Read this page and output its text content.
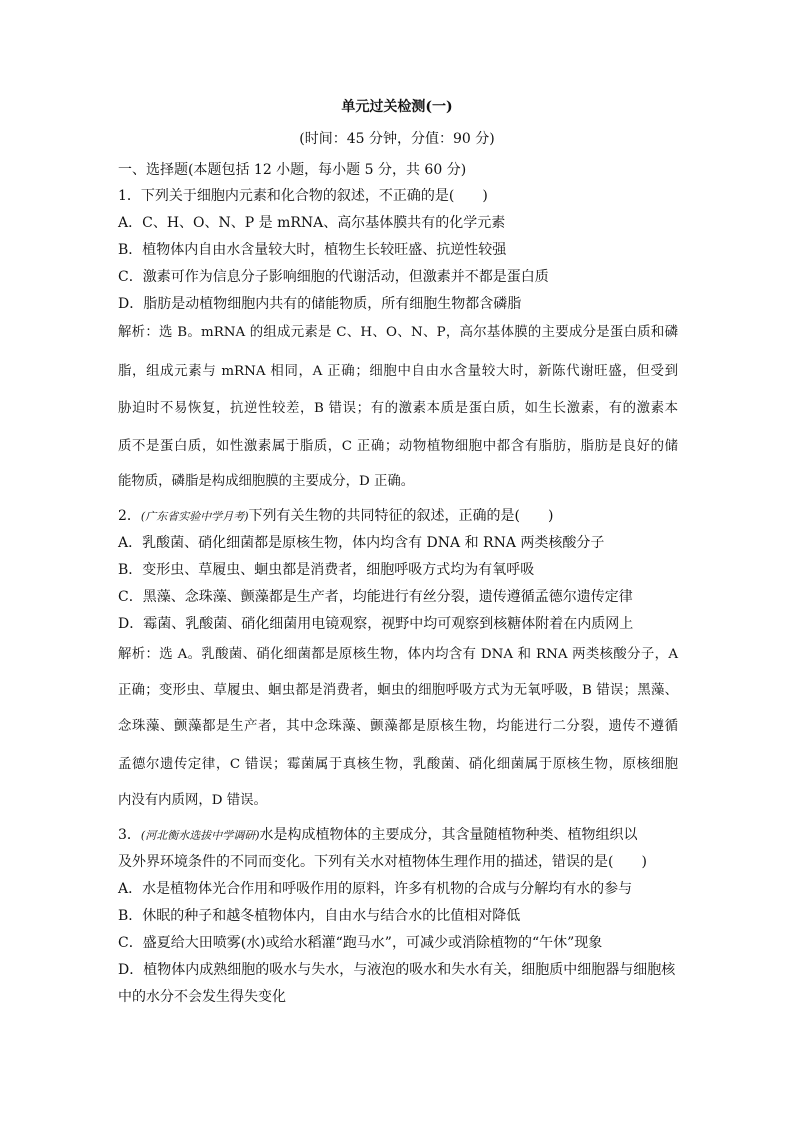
单元过关检测(一)
(时间：45 分钟，分值：90 分)
一、选择题(本题包括 12 小题，每小题 5 分，共 60 分)
1．下列关于细胞内元素和化合物的叙述，不正确的是(　　)
A．C、H、O、N、P 是 mRNA、高尔基体膜共有的化学元素
B．植物体内自由水含量较大时，植物生长较旺盛、抗逆性较强
C．激素可作为信息分子影响细胞的代谢活动，但激素并不都是蛋白质
D．脂肪是动植物细胞内共有的储能物质，所有细胞生物都含磷脂
解析：选 B。mRNA 的组成元素是 C、H、O、N、P，高尔基体膜的主要成分是蛋白质和磷
脂，组成元素与 mRNA 相同，A 正确；细胞中自由水含量较大时，新陈代谢旺盛，但受到
胁迫时不易恢复，抗逆性较差，B 错误；有的激素本质是蛋白质，如生长激素，有的激素本
质不是蛋白质，如性激素属于脂质，C 正确；动物植物细胞中都含有脂肪，脂肪是良好的储
能物质，磷脂是构成细胞膜的主要成分，D 正确。
2．(广东省实验中学月考)下列有关生物的共同特征的叙述，正确的是(　　)
A．乳酸菌、硝化细菌都是原核生物，体内均含有 DNA 和 RNA 两类核酸分子
B．变形虫、草履虫、蛔虫都是消费者，细胞呼吸方式均为有氧呼吸
C．黑藻、念珠藻、颤藻都是生产者，均能进行有丝分裂，遗传遵循孟德尔遗传定律
D．霉菌、乳酸菌、硝化细菌用电镜观察，视野中均可观察到核糖体附着在内质网上
解析：选 A。乳酸菌、硝化细菌都是原核生物，体内均含有 DNA 和 RNA 两类核酸分子，A
正确；变形虫、草履虫、蛔虫都是消费者，蛔虫的细胞呼吸方式为无氧呼吸，B 错误；黑藻、
念珠藻、颤藻都是生产者，其中念珠藻、颤藻都是原核生物，均能进行二分裂，遗传不遵循
孟德尔遗传定律，C 错误；霉菌属于真核生物，乳酸菌、硝化细菌属于原核生物，原核细胞
内没有内质网，D 错误。
3．(河北衡水选拔中学调研)水是构成植物体的主要成分，其含量随植物种类、植物组织以
及外界环境条件的不同而变化。下列有关水对植物体生理作用的描述，错误的是(　　)
A．水是植物体光合作用和呼吸作用的原料，许多有机物的合成与分解均有水的参与
B．休眠的种子和越冬植物体内，自由水与结合水的比值相对降低
C．盛夏给大田喷雾(水)或给水稻灌“跑马水”，可减少或消除植物的“午休”现象
D．植物体内成熟细胞的吸水与失水，与液泡的吸水和失水有关，细胞质中细胞器与细胞核
中的水分不会发生得失变化
